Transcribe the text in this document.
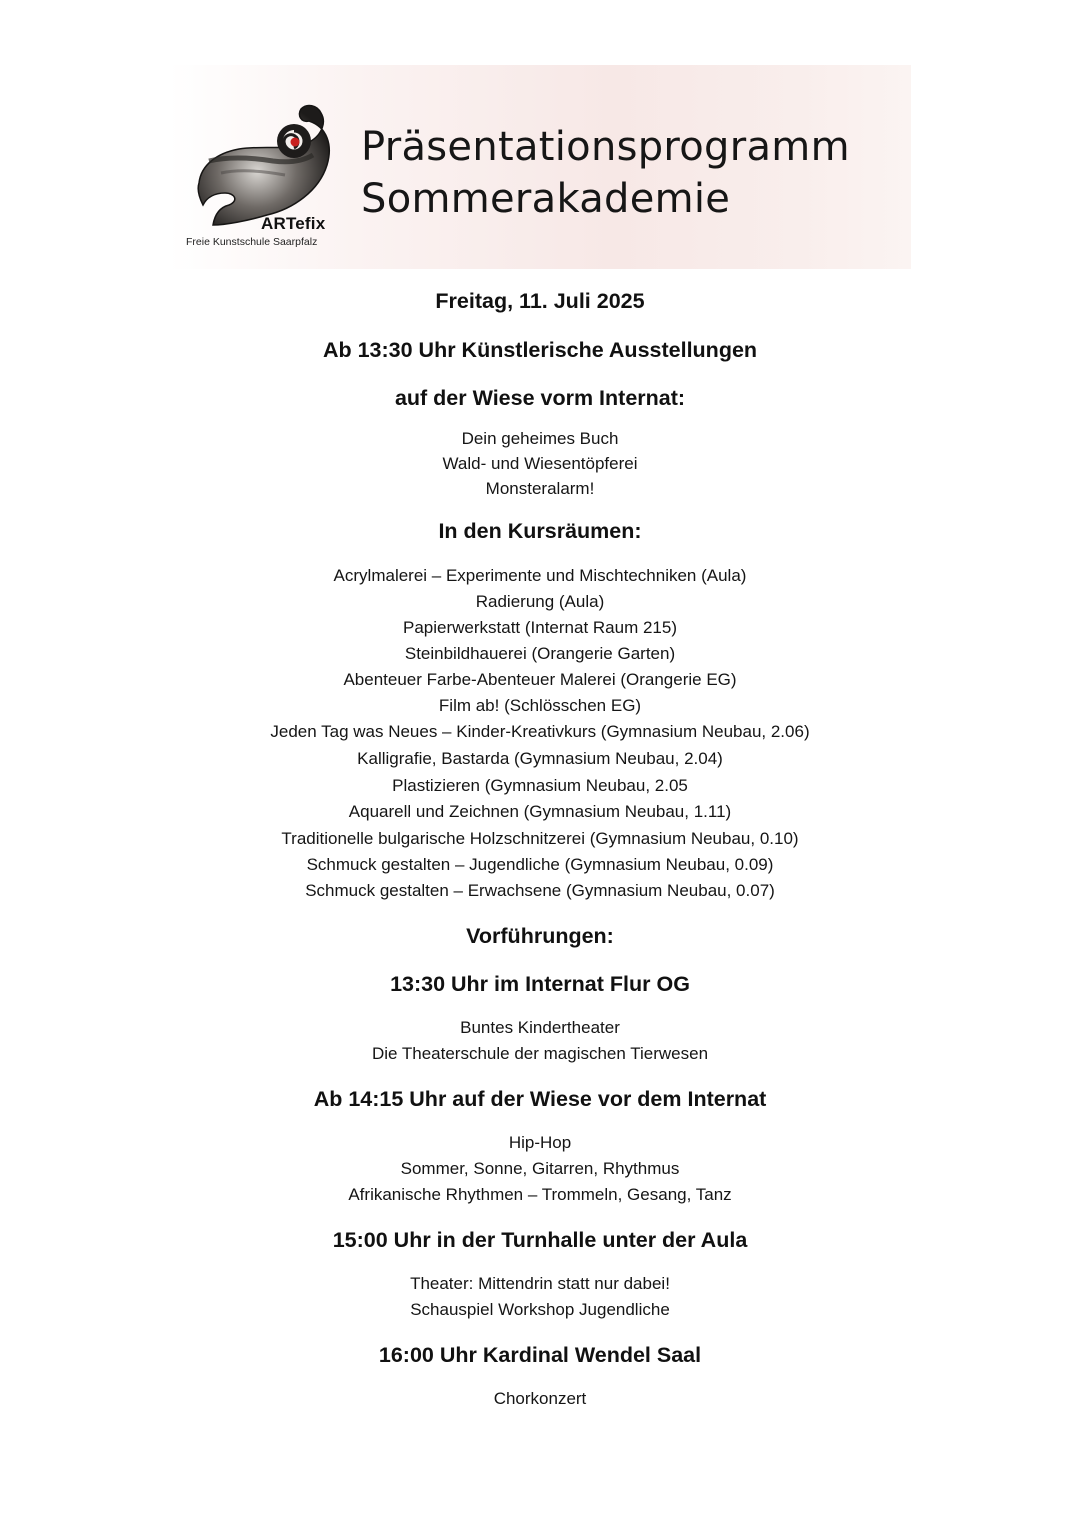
ARTefix
Freie Kunstschule Saarpfalz
Präsentationsprogramm
Sommerakademie
Freitag, 11. Juli 2025
Ab 13:30 Uhr Künstlerische Ausstellungen
auf der Wiese vorm Internat:
Dein geheimes Buch
Wald- und Wiesentöpferei
Monsteralarm!
In den Kursräumen:
Acrylmalerei – Experimente und Mischtechniken (Aula)
Radierung (Aula)
Papierwerkstatt (Internat Raum 215)
Steinbildhauerei (Orangerie Garten)
Abenteuer Farbe-Abenteuer Malerei (Orangerie EG)
Film ab! (Schlösschen EG)
Jeden Tag was Neues – Kinder-Kreativkurs (Gymnasium Neubau, 2.06)
Kalligrafie, Bastarda (Gymnasium Neubau, 2.04)
Plastizieren (Gymnasium Neubau, 2.05
Aquarell und Zeichnen (Gymnasium Neubau, 1.11)
Traditionelle bulgarische Holzschnitzerei (Gymnasium Neubau, 0.10)
Schmuck gestalten – Jugendliche (Gymnasium Neubau, 0.09)
Schmuck gestalten – Erwachsene (Gymnasium Neubau, 0.07)
Vorführungen:
13:30 Uhr im Internat Flur OG
Buntes Kindertheater
Die Theaterschule der magischen Tierwesen
Ab 14:15 Uhr auf der Wiese vor dem Internat
Hip-Hop
Sommer, Sonne, Gitarren, Rhythmus
Afrikanische Rhythmen – Trommeln, Gesang, Tanz
15:00 Uhr in der Turnhalle unter der Aula
Theater: Mittendrin statt nur dabei!
Schauspiel Workshop Jugendliche
16:00 Uhr Kardinal Wendel Saal
Chorkonzert
